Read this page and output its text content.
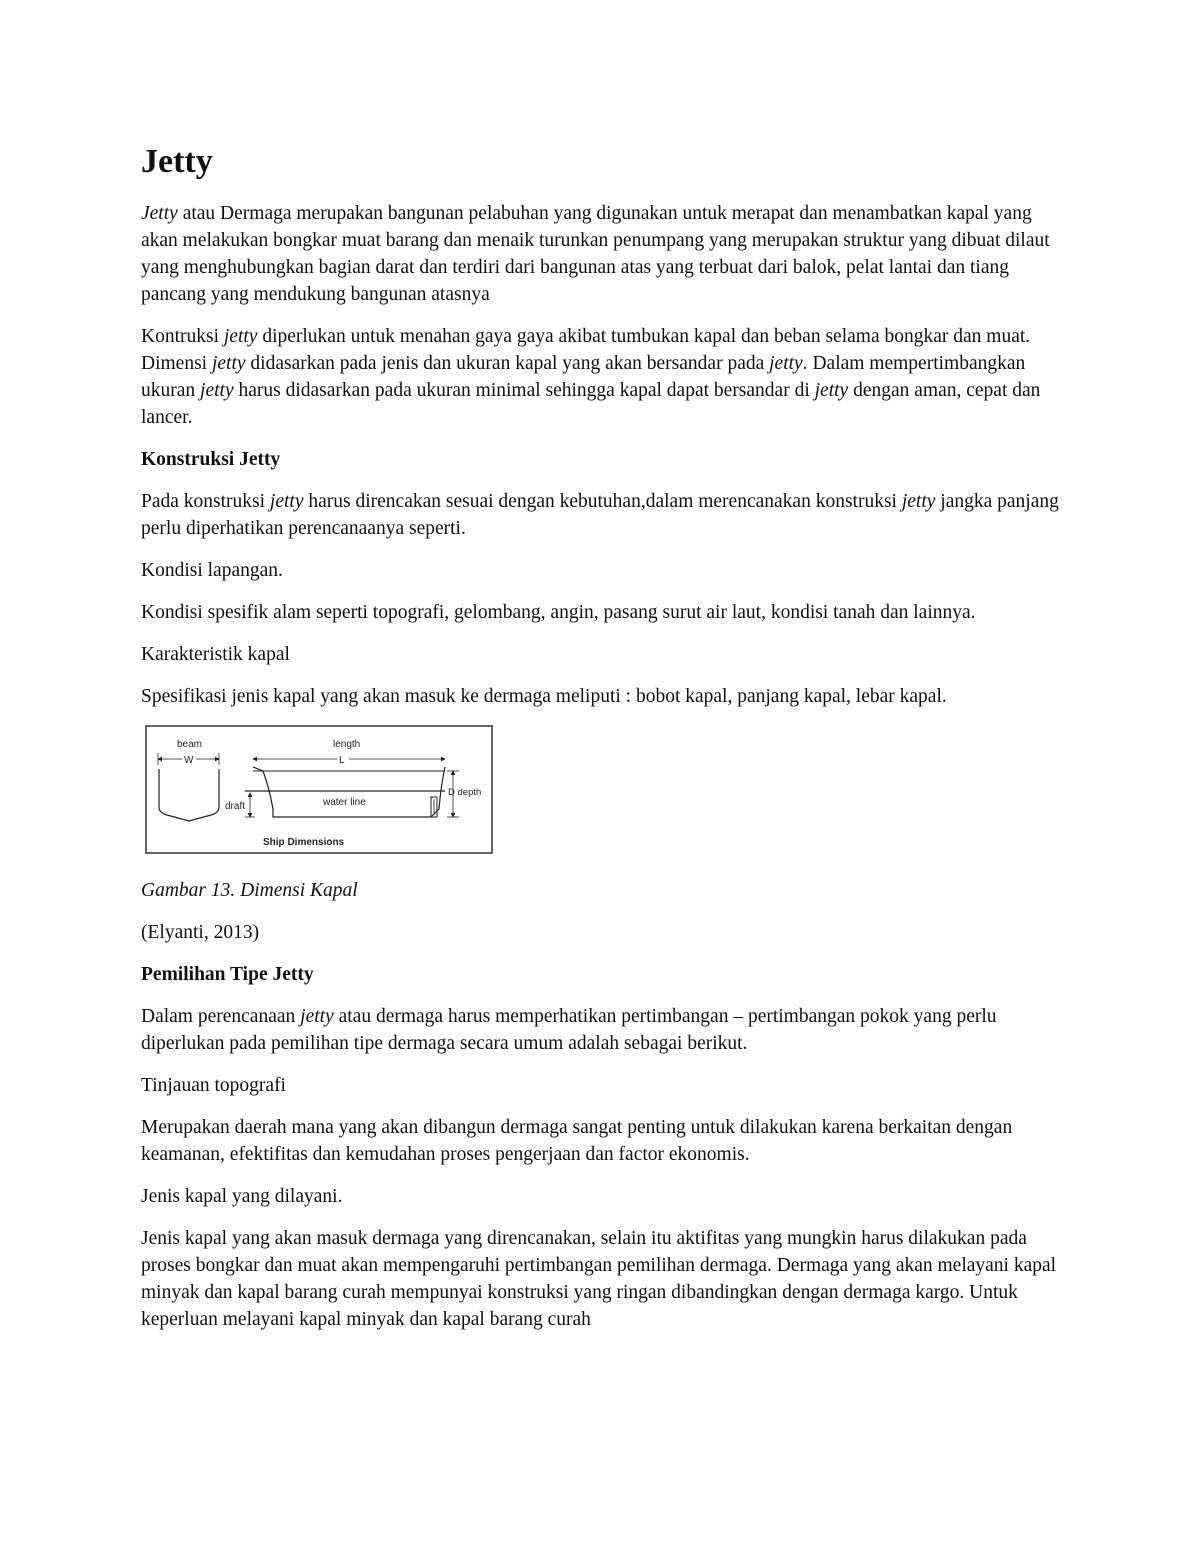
Jetty

Jetty atau Dermaga merupakan bangunan pelabuhan yang digunakan untuk merapat dan menambatkan kapal yang akan melakukan bongkar muat barang dan menaik turunkan penumpang yang merupakan struktur yang dibuat dilaut yang menghubungkan bagian darat dan terdiri dari bangunan atas yang terbuat dari balok, pelat lantai dan tiang pancang yang mendukung bangunan atasnya

Kontruksi jetty diperlukan untuk menahan gaya gaya akibat tumbukan kapal dan beban selama bongkar dan muat. Dimensi jetty didasarkan pada jenis dan ukuran kapal yang akan bersandar pada jetty. Dalam mempertimbangkan ukuran jetty harus didasarkan pada ukuran minimal sehingga kapal dapat bersandar di jetty dengan aman, cepat dan lancer.

Konstruksi Jetty

Pada konstruksi jetty harus direncakan sesuai dengan kebutuhan,dalam merencanakan konstruksi jetty jangka panjang perlu diperhatikan perencanaanya seperti.

Kondisi lapangan.

Kondisi spesifik alam seperti topografi, gelombang, angin, pasang surut air laut, kondisi tanah dan lainnya.

Karakteristik kapal

Spesifikasi jenis kapal yang akan masuk ke dermaga meliputi : bobot kapal, panjang kapal, lebar kapal.

beam
W
length
L
water line
draft
D depth
Ship Dimensions

Gambar 13. Dimensi Kapal

(Elyanti, 2013)

Pemilihan Tipe Jetty

Dalam perencanaan jetty atau dermaga harus memperhatikan pertimbangan – pertimbangan pokok yang perlu diperlukan pada pemilihan tipe dermaga secara umum adalah sebagai berikut.

Tinjauan topografi

Merupakan daerah mana yang akan dibangun dermaga sangat penting untuk dilakukan karena berkaitan dengan keamanan, efektifitas dan kemudahan proses pengerjaan dan factor ekonomis.

Jenis kapal yang dilayani.

Jenis kapal yang akan masuk dermaga yang direncanakan, selain itu aktifitas yang mungkin harus dilakukan pada proses bongkar dan muat akan mempengaruhi pertimbangan pemilihan dermaga. Dermaga yang akan melayani kapal minyak dan kapal barang curah mempunyai konstruksi yang ringan dibandingkan dengan dermaga kargo. Untuk keperluan melayani kapal minyak dan kapal barang curah
